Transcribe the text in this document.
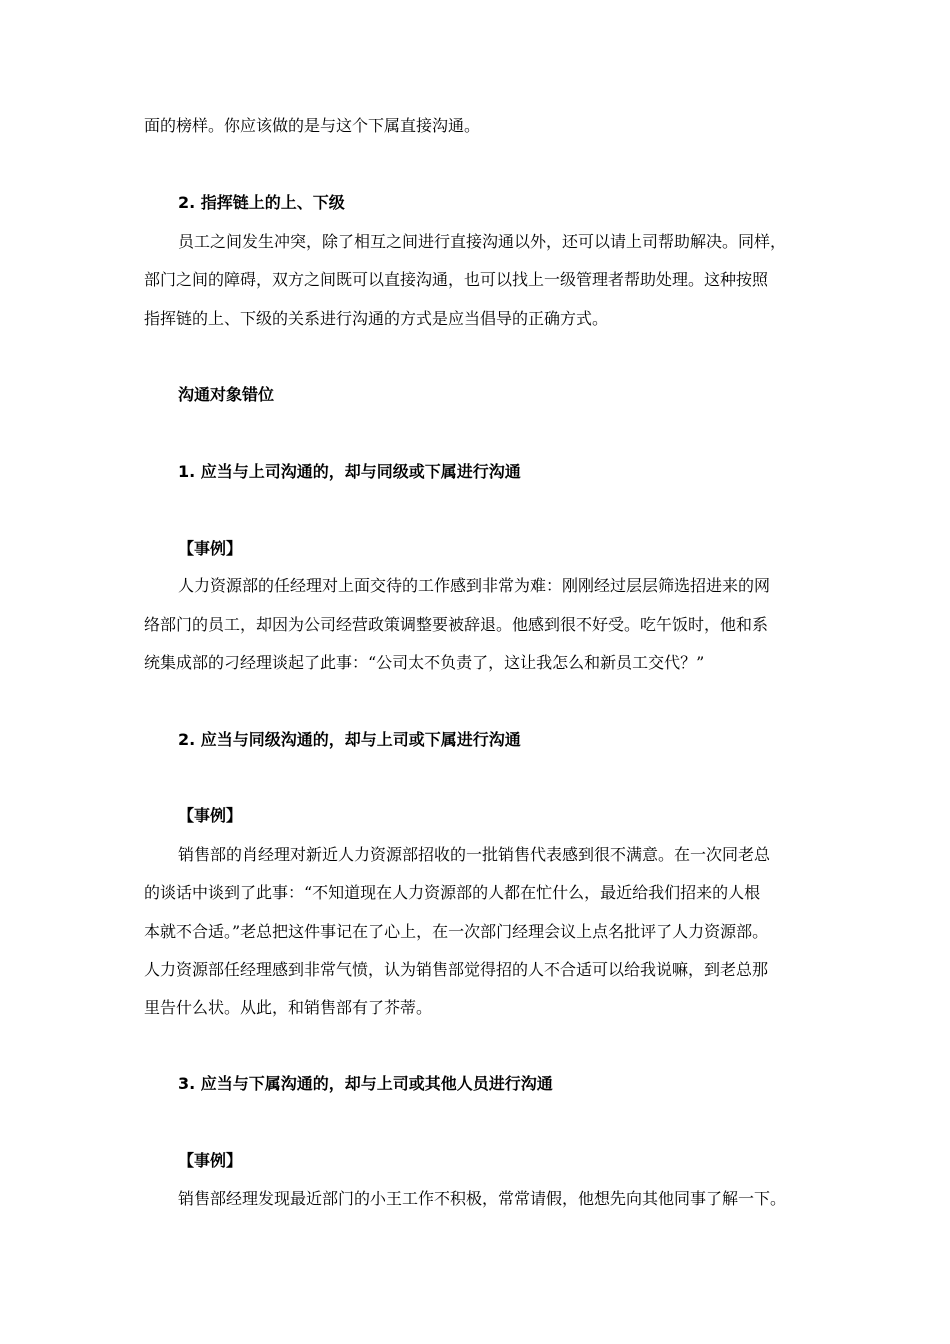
面的榜样。你应该做的是与这个下属直接沟通。
2. 指挥链上的上、下级
员工之间发生冲突，除了相互之间进行直接沟通以外，还可以请上司帮助解决。同样，
部门之间的障碍，双方之间既可以直接沟通，也可以找上一级管理者帮助处理。这种按照
指挥链的上、下级的关系进行沟通的方式是应当倡导的正确方式。
沟通对象错位
1. 应当与上司沟通的，却与同级或下属进行沟通
【事例】
人力资源部的任经理对上面交待的工作感到非常为难：刚刚经过层层筛选招进来的网
络部门的员工，却因为公司经营政策调整要被辞退。他感到很不好受。吃午饭时，他和系
统集成部的刁经理谈起了此事：“公司太不负责了，这让我怎么和新员工交代？”
2. 应当与同级沟通的，却与上司或下属进行沟通
【事例】
销售部的肖经理对新近人力资源部招收的一批销售代表感到很不满意。在一次同老总
的谈话中谈到了此事：“不知道现在人力资源部的人都在忙什么，最近给我们招来的人根
本就不合适。”老总把这件事记在了心上，在一次部门经理会议上点名批评了人力资源部。
人力资源部任经理感到非常气愤，认为销售部觉得招的人不合适可以给我说嘛，到老总那
里告什么状。从此，和销售部有了芥蒂。
3. 应当与下属沟通的，却与上司或其他人员进行沟通
【事例】
销售部经理发现最近部门的小王工作不积极，常常请假，他想先向其他同事了解一下。
